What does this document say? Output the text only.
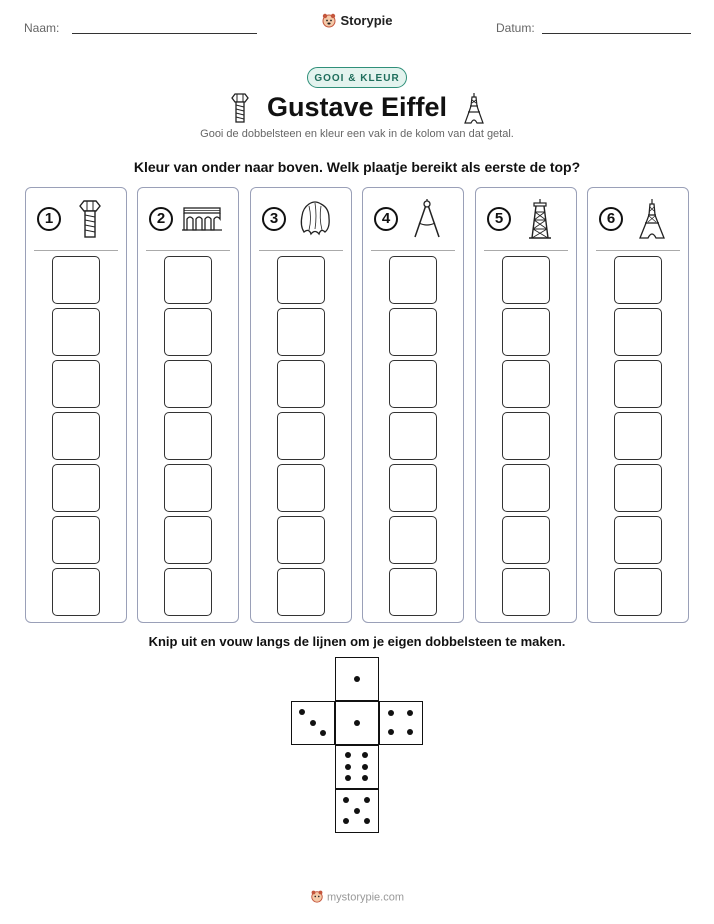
Naam:	Datum:
Storypie
GOOI & KLEUR
Gustave Eiffel
Gooi de dobbelsteen en kleur een vak in de kolom van dat getal.
Kleur van onder naar boven. Welk plaatje bereikt als eerste de top?
1	2	3	4	5	6
Knip uit en vouw langs de lijnen om je eigen dobbelsteen te maken.
mystorypie.com
